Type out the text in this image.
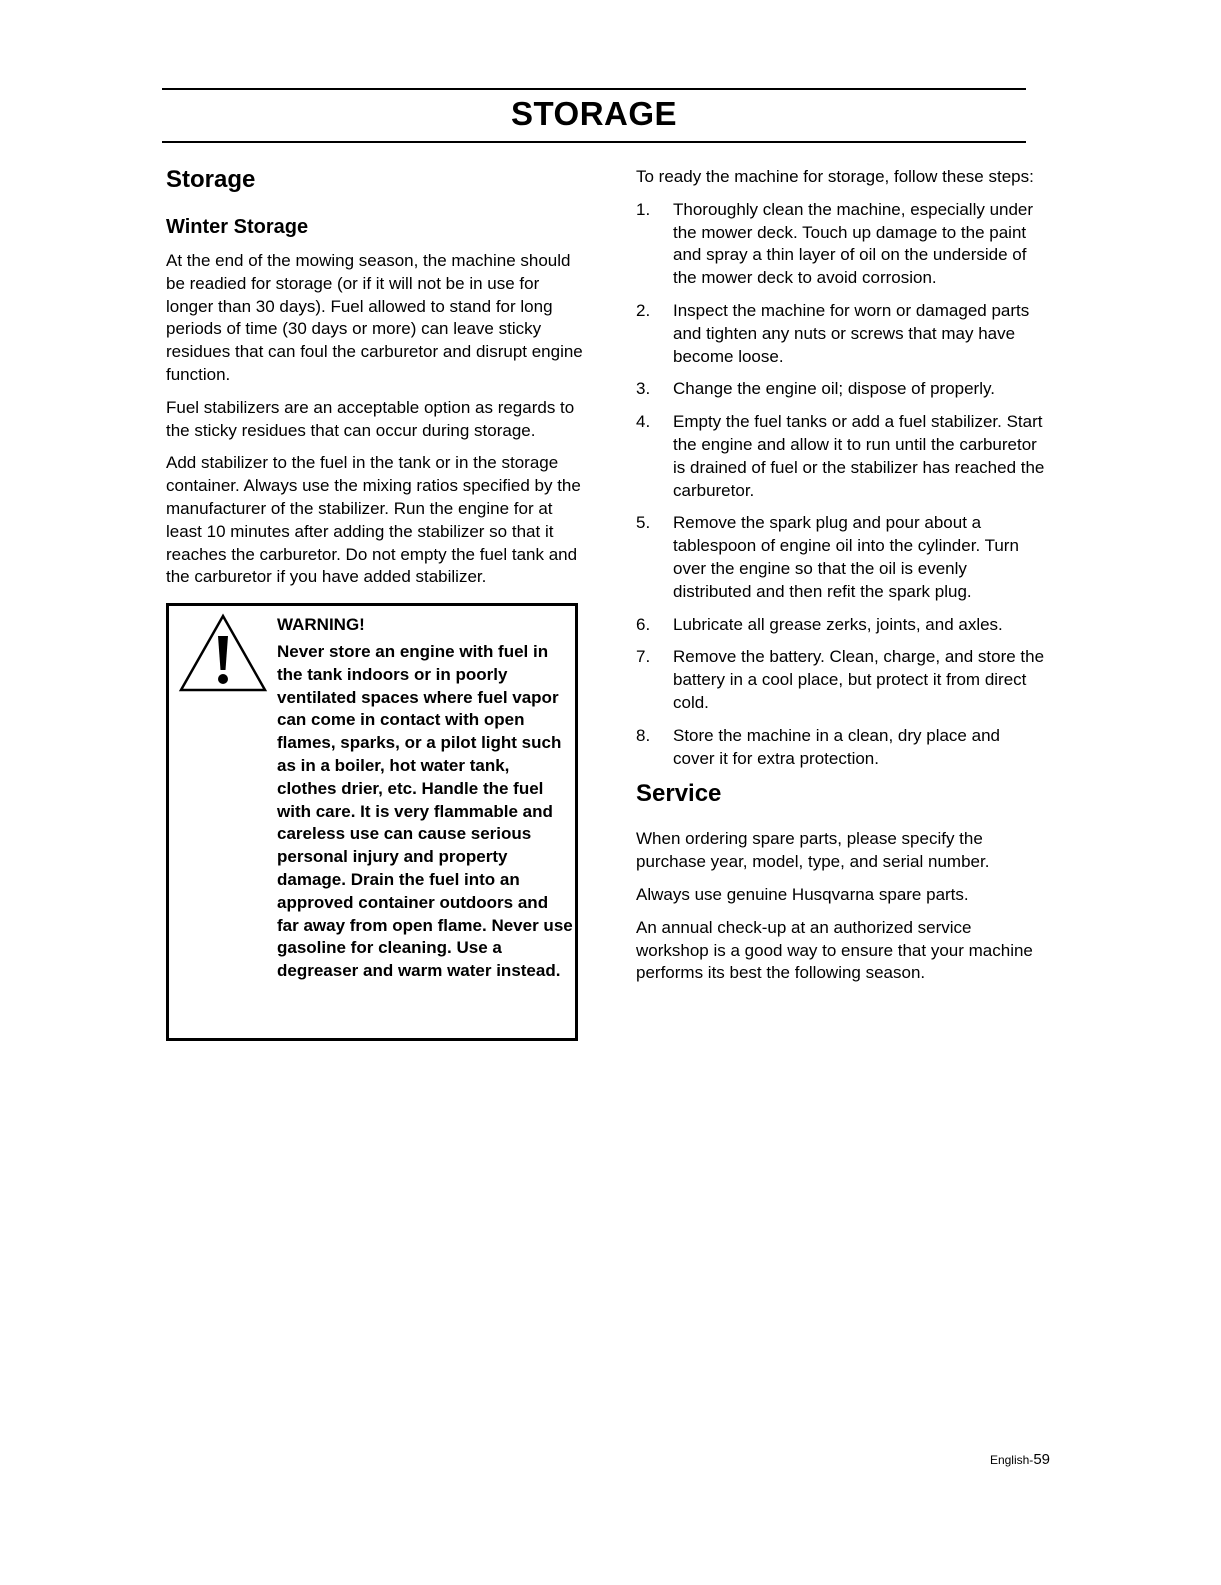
STORAGE
Storage
Winter Storage

At the end of the mowing season, the machine should be readied for storage (or if it will not be in use for longer than 30 days). Fuel allowed to stand for long periods of time (30 days or more) can leave sticky residues that can foul the carburetor and disrupt engine function.

Fuel stabilizers are an acceptable option as regards to the sticky residues that can occur during storage.

Add stabilizer to the fuel in the tank or in the storage container. Always use the mixing ratios specified by the manufacturer of the stabilizer. Run the engine for at least 10 minutes after adding the stabilizer so that it reaches the carburetor. Do not empty the fuel tank and the carburetor if you have added stabilizer.

WARNING!

Never store an engine with fuel in the tank indoors or in poorly ventilated spaces where fuel vapor can come in contact with open flames, sparks, or a pilot light such as in a boiler, hot water tank, clothes drier, etc. Handle the fuel with care. It is very flammable and careless use can cause serious personal injury and property damage. Drain the fuel into an approved container outdoors and far away from open flame. Never use gasoline for cleaning. Use a degreaser and warm water instead.

To ready the machine for storage, follow these steps:

1. Thoroughly clean the machine, especially under the mower deck. Touch up damage to the paint and spray a thin layer of oil on the underside of the mower deck to avoid corrosion.
2. Inspect the machine for worn or damaged parts and tighten any nuts or screws that may have become loose.
3. Change the engine oil; dispose of properly.
4. Empty the fuel tanks or add a fuel stabilizer. Start the engine and allow it to run until the carburetor is drained of fuel or the stabilizer has reached the carburetor.
5. Remove the spark plug and pour about a tablespoon of engine oil into the cylinder. Turn over the engine so that the oil is evenly distributed and then refit the spark plug.
6. Lubricate all grease zerks, joints, and axles.
7. Remove the battery. Clean, charge, and store the battery in a cool place, but protect it from direct cold.
8. Store the machine in a clean, dry place and cover it for extra protection.
Service

When ordering spare parts, please specify the purchase year, model, type, and serial number.

Always use genuine Husqvarna spare parts.

An annual check-up at an authorized service workshop is a good way to ensure that your machine performs its best the following season.

English-59
